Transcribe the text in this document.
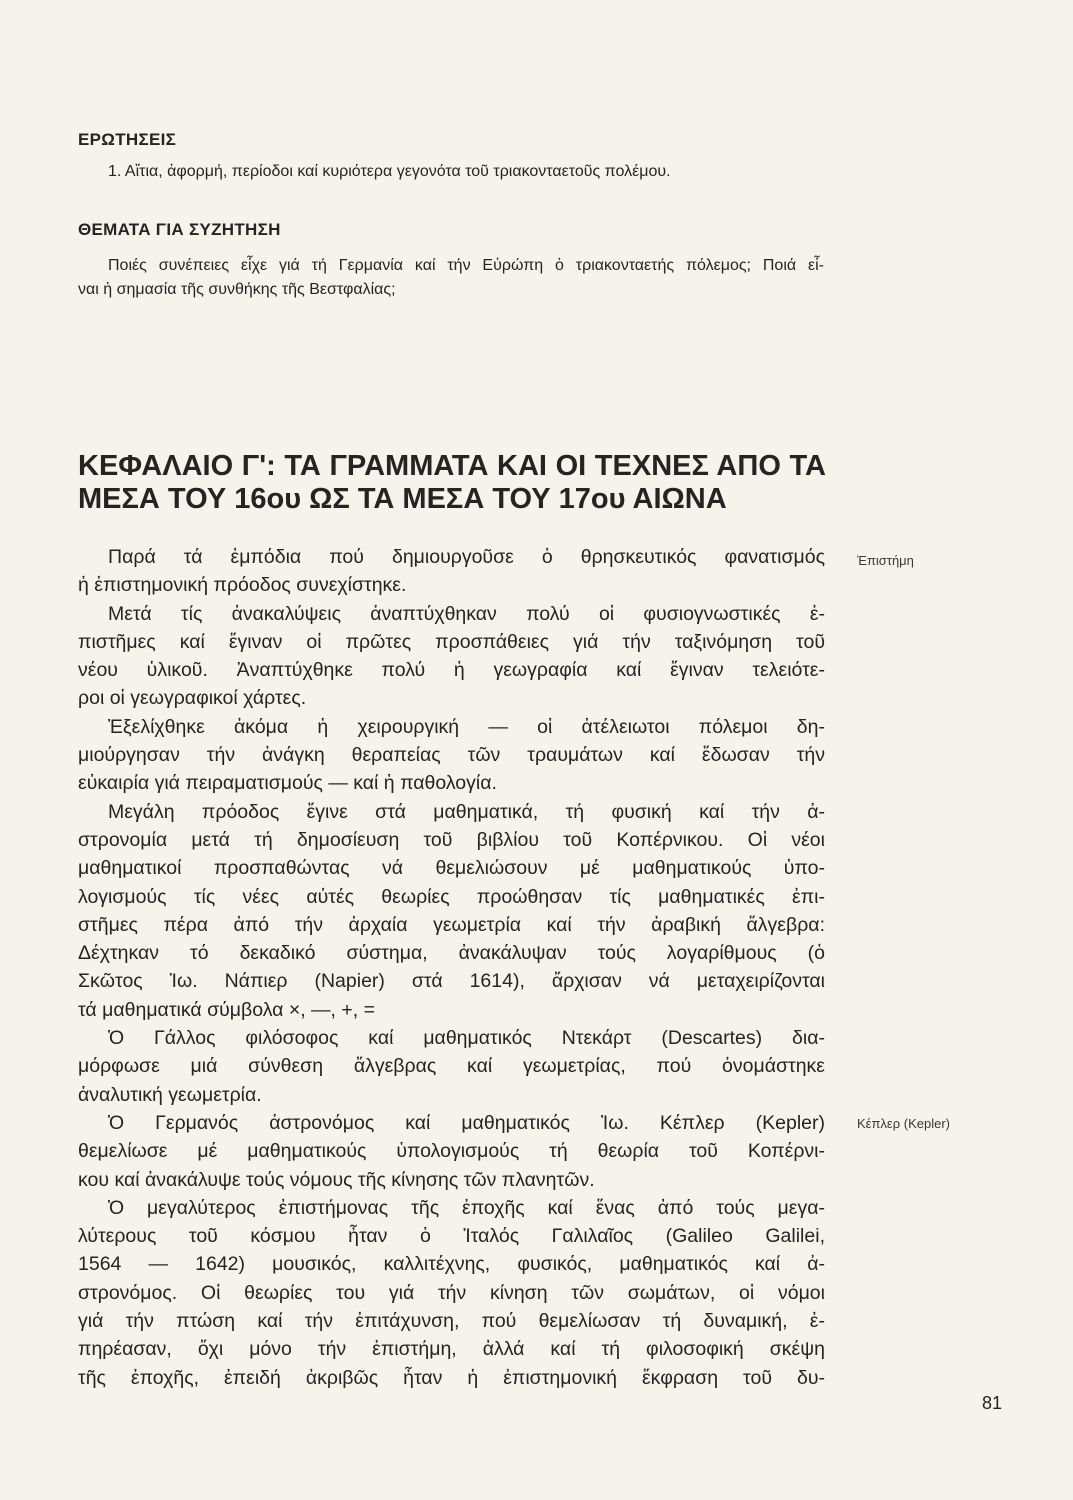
ΕΡΩΤΗΣΕΙΣ
1. Αἴτια, ἀφορμή, περίοδοι καί κυριότερα γεγονότα τοῦ τριακονταετοῦς πολέμου.
ΘΕΜΑΤΑ ΓΙΑ ΣΥΖΗΤΗΣΗ
Ποιές συνέπειες εἶχε γιά τή Γερμανία καί τήν Εὐρώπη ὁ τριακονταετής πόλεμος; Ποιά εἶ-
ναι ἡ σημασία τῆς συνθήκης τῆς Βεστφαλίας;
ΚΕΦΑΛΑΙΟ Γ': ΤΑ ΓΡΑΜΜΑΤΑ ΚΑΙ ΟΙ ΤΕΧΝΕΣ ΑΠΟ ΤΑ
ΜΕΣΑ ΤΟΥ 16ου ΩΣ ΤΑ ΜΕΣΑ ΤΟΥ 17ου ΑΙΩΝΑ
Παρά τά ἐμπόδια πού δημιουργοῦσε ὁ θρησκευτικός φανατισμός
ἡ ἐπιστημονική πρόοδος συνεχίστηκε.
Μετά τίς ἀνακαλύψεις ἀναπτύχθηκαν πολύ οἱ φυσιογνωστικές ἐ-
πιστῆμες καί ἔγιναν οἱ πρῶτες προσπάθειες γιά τήν ταξινόμηση τοῦ
νέου ὑλικοῦ. Ἀναπτύχθηκε πολύ ἡ γεωγραφία καί ἔγιναν τελειότε-
ροι οἱ γεωγραφικοί χάρτες.
Ἐξελίχθηκε ἀκόμα ἡ χειρουργική — οἱ ἀτέλειωτοι πόλεμοι δη-
μιούργησαν τήν ἀνάγκη θεραπείας τῶν τραυμάτων καί ἔδωσαν τήν
εὐκαιρία γιά πειραματισμούς — καί ἡ παθολογία.
Μεγάλη πρόοδος ἔγινε στά μαθηματικά, τή φυσική καί τήν ἀ-
στρονομία μετά τή δημοσίευση τοῦ βιβλίου τοῦ Κοπέρνικου. Οἱ νέοι
μαθηματικοί προσπαθώντας νά θεμελιώσουν μέ μαθηματικούς ὑπο-
λογισμούς τίς νέες αὐτές θεωρίες προώθησαν τίς μαθηματικές ἐπι-
στῆμες πέρα ἀπό τήν ἀρχαία γεωμετρία καί τήν ἀραβική ἄλγεβρα:
Δέχτηκαν τό δεκαδικό σύστημα, ἀνακάλυψαν τούς λογαρίθμους (ὁ
Σκῶτος Ἰω. Νάπιερ (Napier) στά 1614), ἄρχισαν νά μεταχειρίζονται
τά μαθηματικά σύμβολα ×, —, +, =
Ὁ Γάλλος φιλόσοφος καί μαθηματικός Ντεκάρτ (Descartes) δια-
μόρφωσε μιά σύνθεση ἄλγεβρας καί γεωμετρίας, πού ὀνομάστηκε
ἀναλυτική γεωμετρία.
Ὁ Γερμανός ἀστρονόμος καί μαθηματικός Ἰω. Κέπλερ (Kepler)
θεμελίωσε μέ μαθηματικούς ὑπολογισμούς τή θεωρία τοῦ Κοπέρνι-
κου καί ἀνακάλυψε τούς νόμους τῆς κίνησης τῶν πλανητῶν.
Ὁ μεγαλύτερος ἐπιστήμονας τῆς ἐποχῆς καί ἕνας ἀπό τούς μεγα-
λύτερους τοῦ κόσμου ἦταν ὁ Ἰταλός Γαλιλαῖος (Galileo Galilei,
1564 — 1642) μουσικός, καλλιτέχνης, φυσικός, μαθηματικός καί ἀ-
στρονόμος. Οἱ θεωρίες του γιά τήν κίνηση τῶν σωμάτων, οἱ νόμοι
γιά τήν πτώση καί τήν ἐπιτάχυνση, πού θεμελίωσαν τή δυναμική, ἐ-
πηρέασαν, ὄχι μόνο τήν ἐπιστήμη, ἀλλά καί τή φιλοσοφική σκέψη
τῆς ἐποχῆς, ἐπειδή ἀκριβῶς ἦταν ἡ ἐπιστημονική ἔκφραση τοῦ δυ-
Ἐπιστήμη
Κέπλερ (Kepler)
81
